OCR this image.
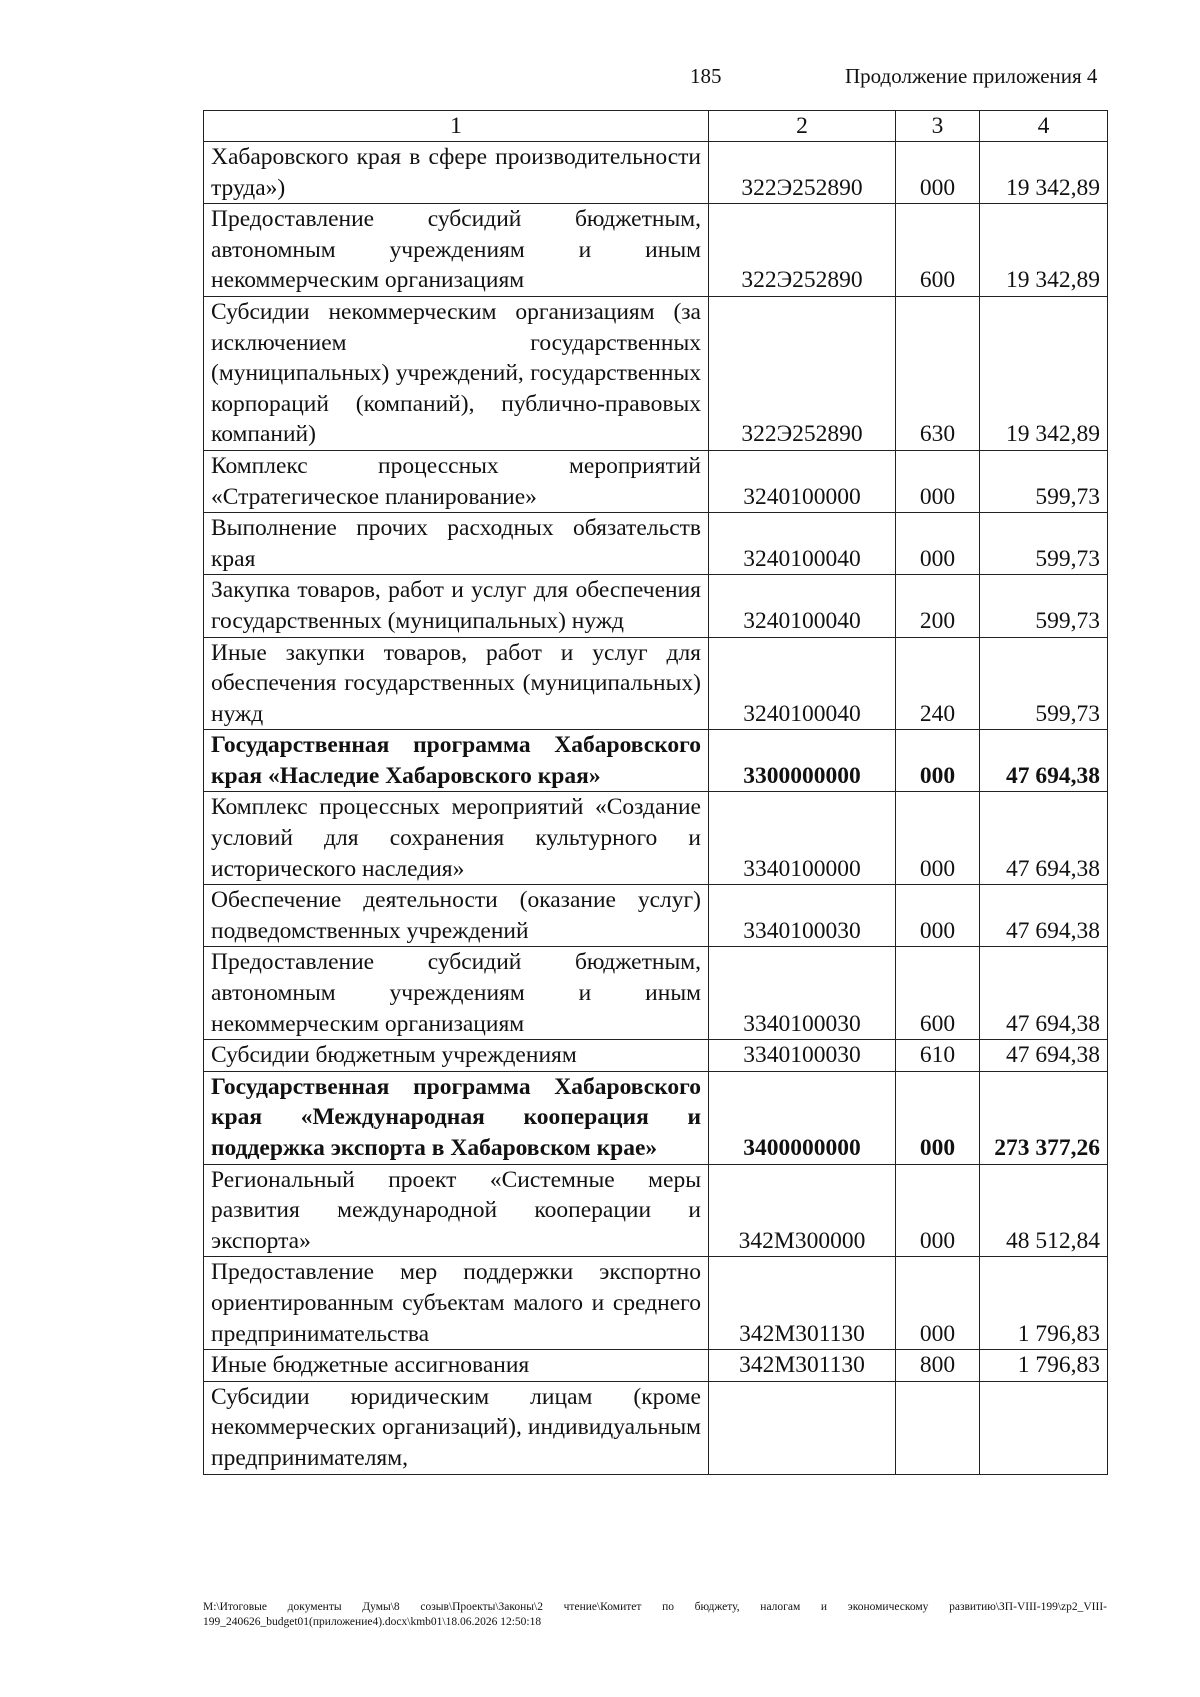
185	Продолжение приложения 4
1	2	3	4
Хабаровского края в сфере производительности труда»)	322Э252890	000	19 342,89
Предоставление субсидий бюджетным, автономным учреждениям и иным некоммерческим организациям	322Э252890	600	19 342,89
Субсидии некоммерческим организациям (за исключением государственных (муниципальных) учреждений, государственных корпораций (компаний), публично-правовых компаний)	322Э252890	630	19 342,89
Комплекс процессных мероприятий «Стратегическое планирование»	3240100000	000	599,73
Выполнение прочих расходных обязательств края	3240100040	000	599,73
Закупка товаров, работ и услуг для обеспечения государственных (муниципальных) нужд	3240100040	200	599,73
Иные закупки товаров, работ и услуг для обеспечения государственных (муниципальных) нужд	3240100040	240	599,73
Государственная программа Хабаровского края «Наследие Хабаровского края»	3300000000	000	47 694,38
Комплекс процессных мероприятий «Создание условий для сохранения культурного и исторического наследия»	3340100000	000	47 694,38
Обеспечение деятельности (оказание услуг) подведомственных учреждений	3340100030	000	47 694,38
Предоставление субсидий бюджетным, автономным учреждениям и иным некоммерческим организациям	3340100030	600	47 694,38
Субсидии бюджетным учреждениям	3340100030	610	47 694,38
Государственная программа Хабаровского края «Международная кооперация и поддержка экспорта в Хабаровском крае»	3400000000	000	273 377,26
Региональный проект «Системные меры развития международной кооперации и экспорта»	342M300000	000	48 512,84
Предоставление мер поддержки экспортно ориентированным субъектам малого и среднего предпринимательства	342M301130	000	1 796,83
Иные бюджетные ассигнования	342M301130	800	1 796,83
Субсидии юридическим лицам (кроме некоммерческих организаций), индивидуальным предпринимателям,			
M:\Итоговые документы Думы\8 созыв\Проекты\Законы\2 чтение\Комитет по бюджету, налогам и экономическому развитию\ЗП-VIII-199\zp2_VIII-199_240626_budget01(приложение4).docx\kmb01\18.06.2026 12:50:18
